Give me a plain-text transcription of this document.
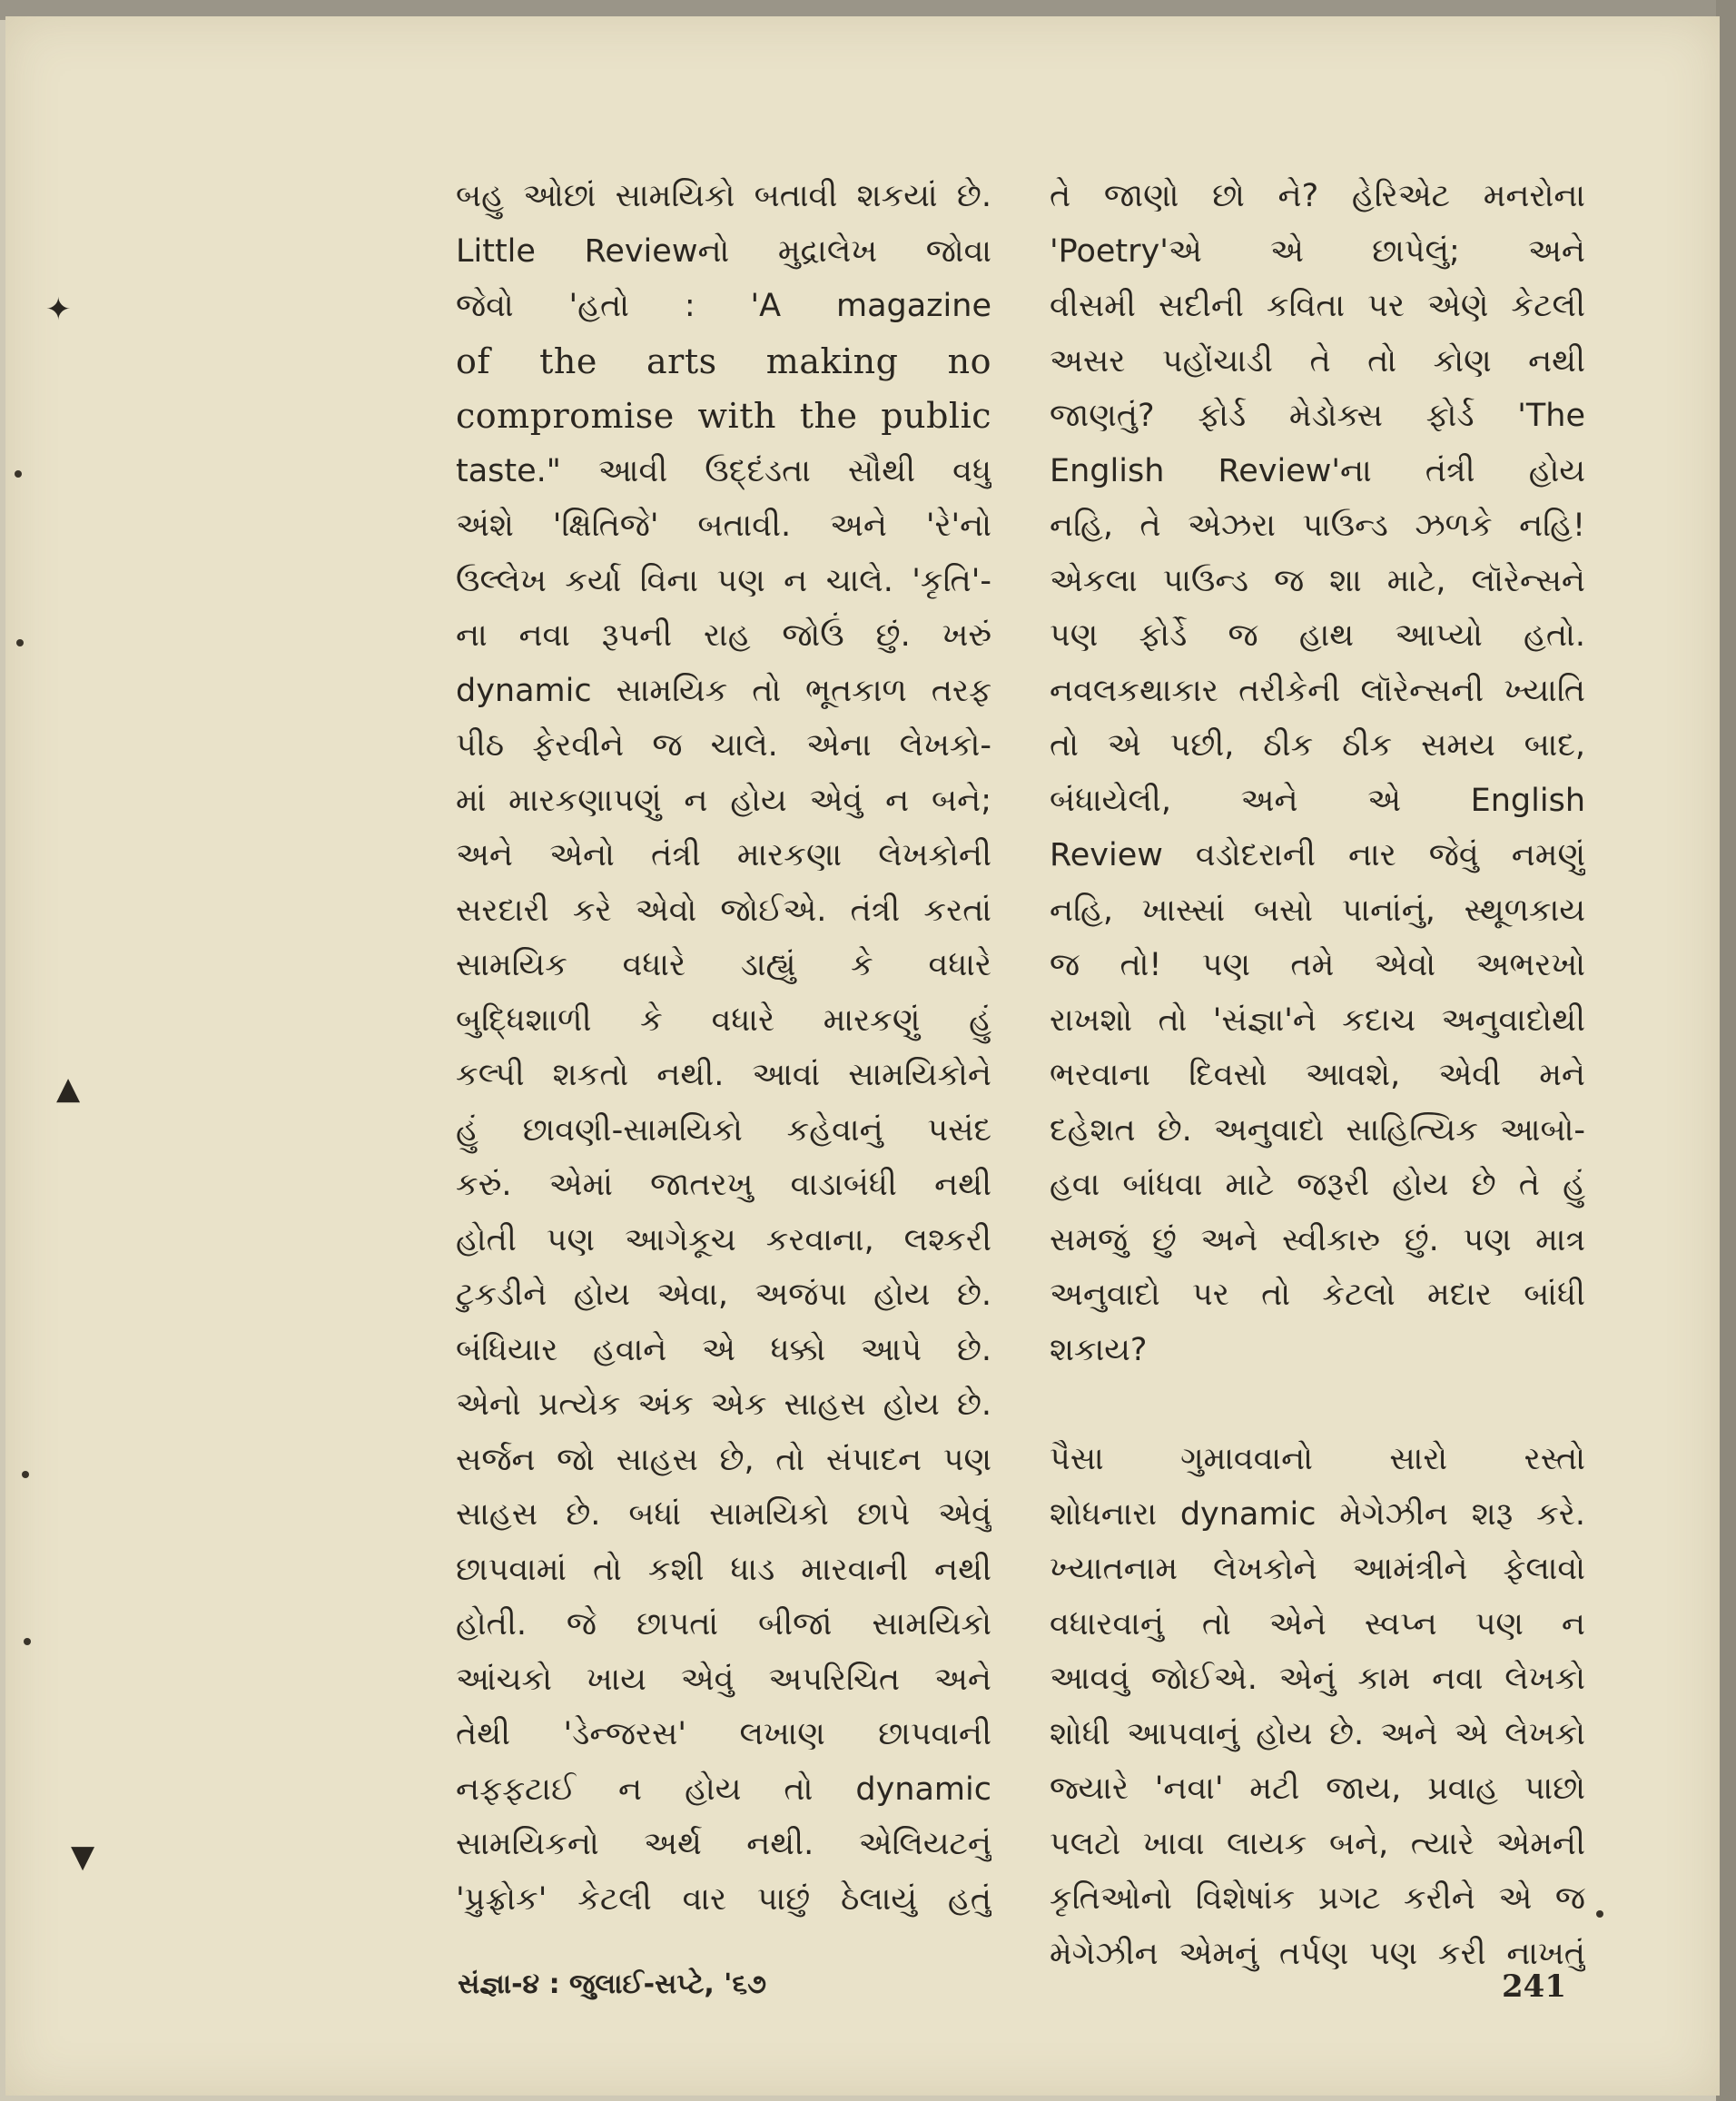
✦
▲
▼
બહુ ઓછાં સામયિકો બતાવી શકયાં છે.
Little Reviewનો મુદ્રાલેખ જોવા
જેવો 'હતો : 'A magazine
of the arts making no
compromise with the public
taste." આવી ઉદ્દંડતા સૌથી વધુ
અંશે 'ક્ષિતિજે' બતાવી. અને 'રે'નો
ઉલ્લેખ કર્યા વિના પણ ન ચાલે. 'કૃતિ'-
ના નવા રૂપની રાહ જોઉં છું. ખરું
dynamic સામયિક તો ભૂતકાળ તરફ
પીઠ ફેરવીને જ ચાલે. એના લેખકો-
માં મારકણાપણું ન હોય એવું ન બને;
અને એનો તંત્રી મારકણા લેખકોની
સરદારી કરે એવો જોઈએ. તંત્રી કરતાં
સામયિક વધારે ડાહ્યું કે વધારે
બુદ્ધિશાળી કે વધારે મારકણું હું
કલ્પી શકતો નથી. આવાં સામયિકોને
હું છાવણી-સામયિકો કહેવાનું પસંદ
કરું. એમાં જાતરખુ વાડાબંધી નથી
હોતી પણ આગેકૂચ કરવાના, લશ્કરી
ટુકડીને હોય એવા, અજંપા હોય છે.
બંધિયાર હવાને એ ધક્કો આપે છે.
એનો પ્રત્યેક અંક એક સાહસ હોય છે.
સર્જન જો સાહસ છે, તો સંપાદન પણ
સાહસ છે. બધાં સામયિકો છાપે એવું
છાપવામાં તો કશી ધાડ મારવાની નથી
હોતી. જે છાપતાં બીજાં સામયિકો
આંચકો ખાય એવું અપરિચિત અને
તેથી 'ડેન્જરસ' લખાણ છાપવાની
નફફટાઈ ન હોય તો dynamic
સામયિકનો અર્થ નથી. એલિયટનું
'પ્રુફ્રોક' કેટલી વાર પાછું ઠેલાયું હતું
તે જાણો છો ને? હેરિએટ મનરોના
'Poetry'એ એ છાપેલું; અને
વીસમી સદીની કવિતા પર એણે કેટલી
અસર પહોંચાડી તે તો કોણ નથી
જાણતું? ફોર્ડ મેડોક્સ ફોર્ડ 'The
English Review'ના તંત્રી હોય
નહિ, તે એઝરા પાઉન્ડ ઝળકે નહિ!
એકલા પાઉન્ડ જ શા માટે, લૉરેન્સને
પણ ફોર્ડે જ હાથ આપ્યો હતો.
નવલકથાકાર તરીકેની લૉરેન્સની ખ્યાતિ
તો એ પછી, ઠીક ઠીક સમય બાદ,
બંધાયેલી, અને એ English
Review વડોદરાની નાર જેવું નમણું
નહિ, ખાસ્સાં બસો પાનાંનું, સ્થૂળકાય
જ તો! પણ તમે એવો અભરખો
રાખશો તો 'સંજ્ઞા'ને કદાચ અનુવાદોથી
ભરવાના દિવસો આવશે, એવી મને
દહેશત છે. અનુવાદો સાહિત્યિક આબો-
હવા બાંધવા માટે જરૂરી હોય છે તે હું
સમજું છું અને સ્વીકારુ છું. પણ માત્ર
અનુવાદો પર તો કેટલો મદાર બાંધી
શકાય?
પૈસા ગુમાવવાનો સારો રસ્તો
શોધનારા dynamic મેગેઝીન શરૂ કરે.
ખ્યાતનામ લેખકોને આમંત્રીને ફેલાવો
વધારવાનું તો એને સ્વપ્ન પણ ન
આવવું જોઈએ. એનું કામ નવા લેખકો
શોધી આપવાનું હોય છે. અને એ લેખકો
જ્યારે 'નવા' મટી જાય, પ્રવાહ પાછો
પલટો ખાવા લાયક બને, ત્યારે એમની
કૃતિઓનો વિશેષાંક પ્રગટ કરીને એ જ
મેગેઝીન એમનું તર્પણ પણ કરી નાખતું
સંજ્ઞા-૪ : જુલાઈ-સપ્ટે, '૬૭	241
